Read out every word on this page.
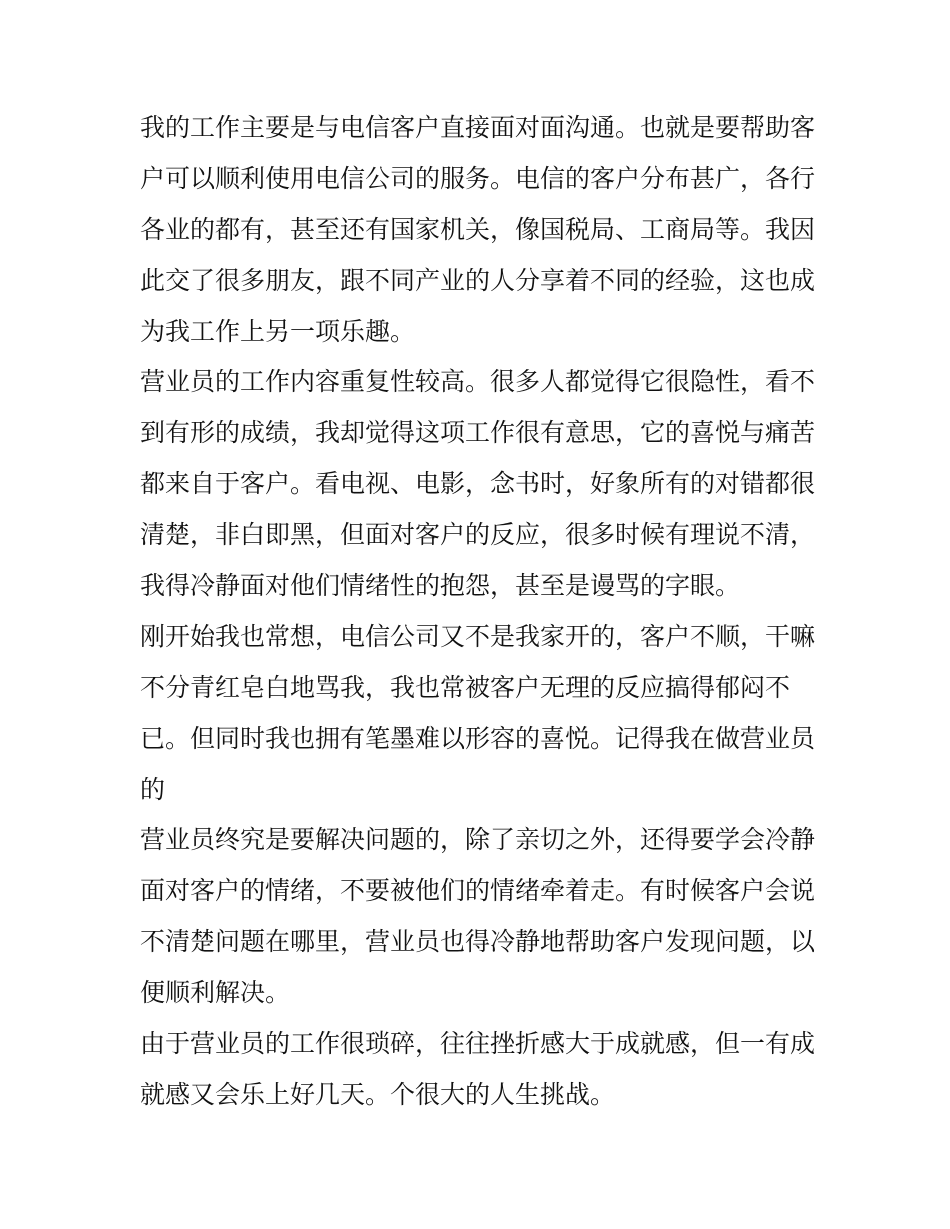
我的工作主要是与电信客户直接面对面沟通。也就是要帮助客
户可以顺利使用电信公司的服务。电信的客户分布甚广，各行
各业的都有，甚至还有国家机关，像国税局、工商局等。我因
此交了很多朋友，跟不同产业的人分享着不同的经验，这也成
为我工作上另一项乐趣。
营业员的工作内容重复性较高。很多人都觉得它很隐性，看不
到有形的成绩，我却觉得这项工作很有意思，它的喜悦与痛苦
都来自于客户。看电视、电影，念书时，好象所有的对错都很
清楚，非白即黑，但面对客户的反应，很多时候有理说不清，
我得冷静面对他们情绪性的抱怨，甚至是谩骂的字眼。
刚开始我也常想，电信公司又不是我家开的，客户不顺，干嘛
不分青红皂白地骂我，我也常被客户无理的反应搞得郁闷不
已。但同时我也拥有笔墨难以形容的喜悦。记得我在做营业员
的
营业员终究是要解决问题的，除了亲切之外，还得要学会冷静
面对客户的情绪，不要被他们的情绪牵着走。有时候客户会说
不清楚问题在哪里，营业员也得冷静地帮助客户发现问题，以
便顺利解决。
由于营业员的工作很琐碎，往往挫折感大于成就感，但一有成
就感又会乐上好几天。个很大的人生挑战。
